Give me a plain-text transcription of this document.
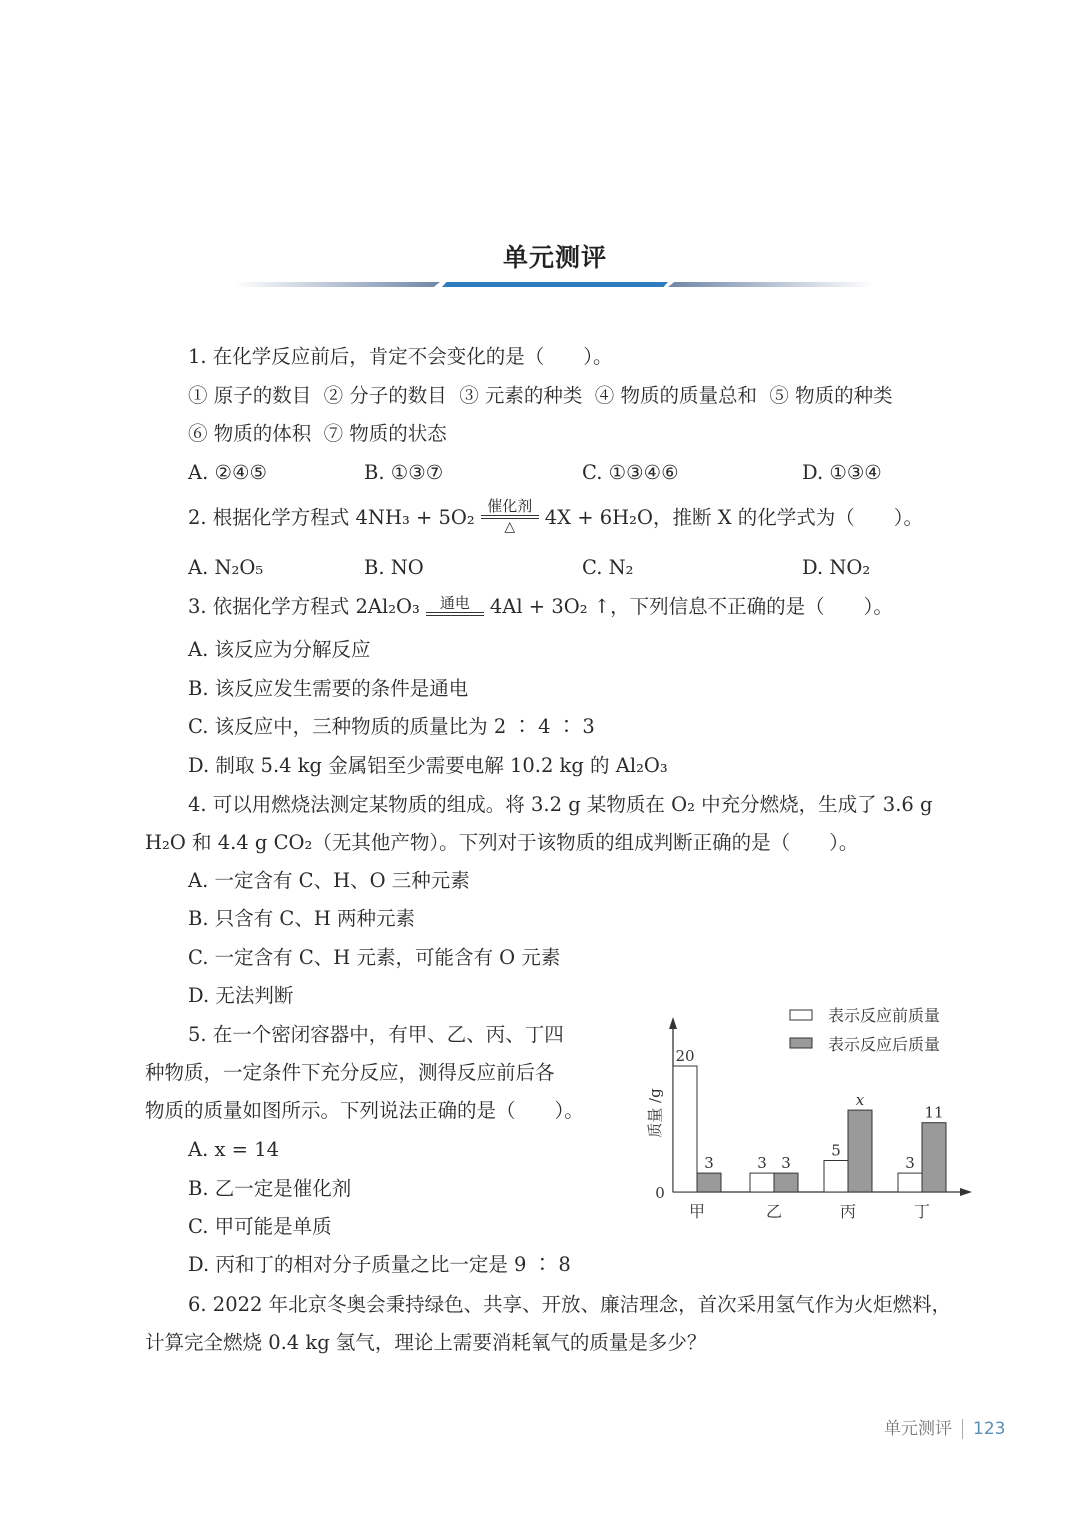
单元测评
1. 在化学反应前后，肯定不会变化的是（　　）。
① 原子的数目  ② 分子的数目  ③ 元素的种类  ④ 物质的质量总和  ⑤ 物质的种类
⑥ 物质的体积  ⑦ 物质的状态
A. ②④⑤	B. ①③⑦	C. ①③④⑥	D. ①③④
2. 根据化学方程式 4NH₃ + 5O₂ 催化剂
△	4X + 6H₂O，推断 X 的化学式为（　　）。
A. N₂O₅	B. NO	C. N₂	D. NO₂
3. 依据化学方程式 2Al₂O₃	通电	4Al + 3O₂ ↑，下列信息不正确的是（　　）。
A. 该反应为分解反应
B. 该反应发生需要的条件是通电
C. 该反应中，三种物质的质量比为 2 ∶ 4 ∶ 3
D. 制取 5.4 kg 金属铝至少需要电解 10.2 kg 的 Al₂O₃
4. 可以用燃烧法测定某物质的组成。将 3.2 g 某物质在 O₂ 中充分燃烧，生成了 3.6 g
H₂O 和 4.4 g CO₂（无其他产物）。下列对于该物质的组成判断正确的是（　　）。
A. 一定含有 C、H、O 三种元素
B. 只含有 C、H 两种元素
C. 一定含有 C、H 元素，可能含有 O 元素
D. 无法判断
5. 在一个密闭容器中，有甲、乙、丙、丁四
种物质，一定条件下充分反应，测得反应前后各
物质的质量如图所示。下列说法正确的是（　　）。
A. x = 14
B. 乙一定是催化剂
C. 甲可能是单质
D. 丙和丁的相对分子质量之比一定是 9 ∶ 8
0
质量 /g
表示反应前质量
表示反应后质量
20
3
甲
3 3
乙
5
x
丙
3
11
丁
6. 2022 年北京冬奥会秉持绿色、共享、开放、廉洁理念，首次采用氢气作为火炬燃料，
计算完全燃烧 0.4 kg 氢气，理论上需要消耗氧气的质量是多少？
单元测评 123
